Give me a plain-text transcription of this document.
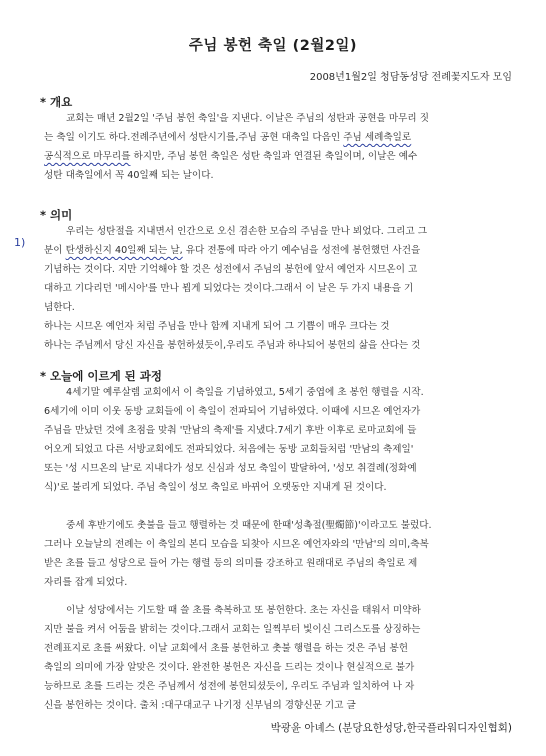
주님 봉헌 축일 (2월2일)
2008년1월2일 청담동성당 전례꽃지도자 모임
* 개요
교회는 매년 2월2일 '주님 봉헌 축일'을 지낸다. 이날은 주님의 성탄과 공현을 마무리 짓
는 축일 이기도 하다.전례주년에서 성탄시기를,주님 공현 대축일 다음인 주님 세례축일로
공식적으로 마무리를 하지만, 주님 봉헌 축일은 성탄 축일과 연결된 축일이며, 이날은 예수
성탄 대축일에서 꼭 40일째 되는 날이다.
* 의미
1)
우리는 성탄절을 지내면서 인간으로 오신 겸손한 모습의 주님을 만나 뵈었다. 그리고 그
분이 탄생하신지 40일째 되는 날, 유다 전통에 따라 아기 예수님을 성전에 봉헌했던 사건을
기념하는 것이다. 지만 기억해야 할 것은 성전에서 주님의 봉헌에 앞서 예언자 시므온이 고
대하고 기다리던 '메시아'를 만나 뵙게 되었다는 것이다.그래서 이 날은 두 가지 내용을 기
념한다.
하나는 시므온 예언자 처럼 주님을 만나 함께 지내게 되어 그 기쁨이 매우 크다는 것
하나는 주님께서 당신 자신을 봉헌하셨듯이,우리도 주님과 하나되어 봉헌의 삶을 산다는 것
* 오늘에 이르게 된 과정
4세기말 예루살렘 교회에서 이 축일을 기념하였고, 5세기 중엽에 초 봉헌 행렬을 시작.
6세기에 이미 이웃 동방 교회들에 이 축일이 전파되어 기념하였다. 이때에 시므온 예언자가
주님을 만났던 것에 초점을 맞춰 '만남의 축제'를 지냈다.7세기 후반 이후로 로마교회에 들
어오게 되었고 다른 서방교회에도 전파되었다. 처음에는 동방 교회들처럼 '만남의 축제일'
또는 '성 시므온의 날'로 지내다가 성모 신심과 성모 축일이 발달하여, '성모 취결례(정화예
식)'로 불리게 되었다. 주님 축일이 성모 축일로 바뀌어 오랫동안 지내게 된 것이다.
중세 후반기에도 촛불을 들고 행렬하는 것 때문에 한때'성촉절(聖燭節)'이라고도 불렀다.
그러나 오늘날의 전례는 이 축일의 본디 모습을 되찾아 시므온 예언자와의 '만남'의 의미,축복
받은 초를 들고 성당으로 들어 가는 행렬 등의 의미를 강조하고 원래대로 주님의 축일로 제
자리를 잡게 되었다.
이날 성당에서는 기도할 때 쓸 초를 축복하고 또 봉헌한다. 초는 자신을 태워서 미약하
지만 불을 켜서 어둠을 밝히는 것이다.그래서 교회는 일찍부터 빛이신 그리스도를 상징하는
전례표지로 초를 써왔다. 이날 교회에서 초를 봉헌하고 촛불 행렬을 하는 것은 주님 봉헌
축일의 의미에 가장 알맞은 것이다. 완전한 봉헌은 자신을 드리는 것이나 현실적으로 불가
능하므로 초를 드리는 것은 주님께서 성전에 봉헌되셨듯이, 우리도 주님과 일치하여 나 자
신을 봉헌하는 것이다. 출처 :대구대교구 나기정 신부님의 경향신문 기고 글
박광윤 아녜스 (분당요한성당,한국플라워디자인협회)
